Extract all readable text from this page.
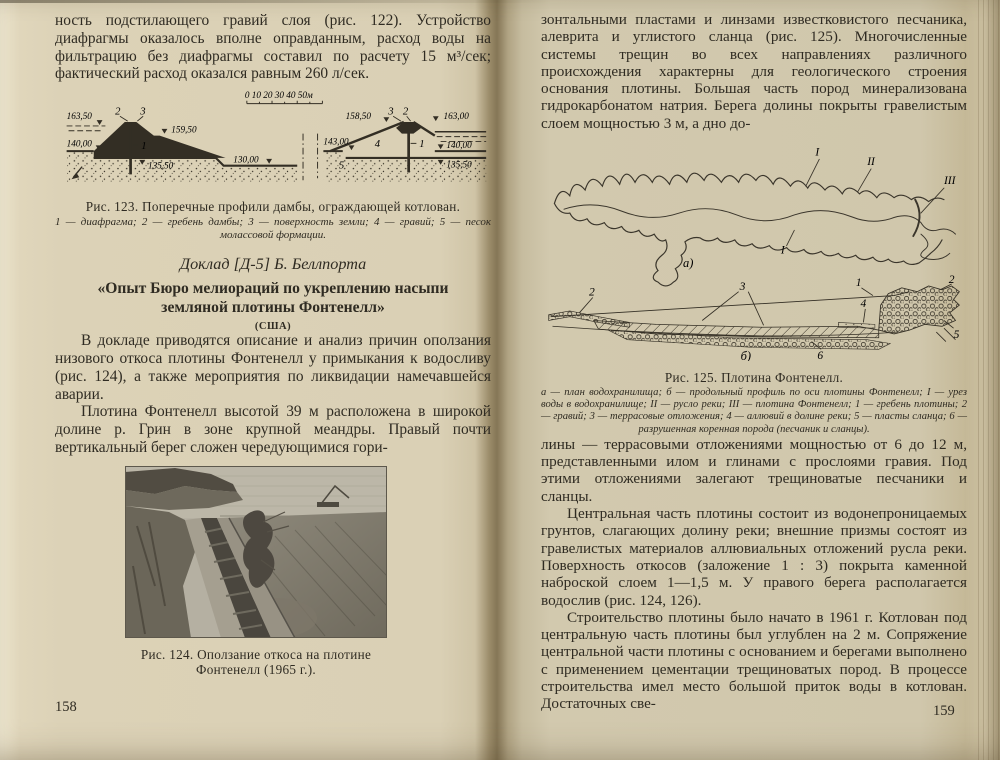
ность подстилающего гравий слоя (рис. 122). Устройство диафрагмы оказалось вполне оправданным, расход воды на фильтрацию без диафрагмы составил по расчету 15 м³/сек; фактический расход оказался равным 260 л/сек.

0 10 20 30 40 50м
1
2 3
163,50
159,50
140,00
135,50
130,00
1
4
3 2
158,50	163,00
143,00	140,00
135,50
5
Рис. 123. Поперечные профили дамбы, ограждающей котлован.
1 — диафрагма; 2 — гребень дамбы; 3 — поверхность земли; 4 — гравий; 5 — песок молассовой формации.
Доклад [Д-5] Б. Беллпорта
«Опыт Бюро мелиораций по укреплению насыпи
земляной плотины Фонтенелл»
(США)

В докладе приводятся описание и анализ причин оползания низового откоса плотины Фонтенелл у примыкания к водосливу (рис. 124), а также мероприятия по ликвидации намечавшейся аварии.

Плотина Фонтенелл высотой 39 м расположена в широкой долине р. Грин в зоне крупной меандры. Правый почти вертикальный берег сложен чередующимися гори-

Рис. 124. Оползание откоса на плотине
Фонтенелл (1965 г.).

зонтальными пластами и линзами известковистого песчаника, алеврита и углистого сланца (рис. 125). Многочисленные системы трещин во всех направлениях различного происхождения характерны для геологического строения основания плотины. Большая часть пород минерализована гидрокарбонатом натрия. Берега долины покрыты гравелистым слоем мощностью 3 м, а дно до-

I
II
III
I
а)
1
2	3
4
2
5
6
б)
Рис. 125. Плотина Фонтенелл.
а — план водохранилища; б — продольный профиль по оси плотины Фонтенелл; I — урез воды в водохранилище; II — русло реки; III — плотина Фонтенелл; 1 — гребень плотины; 2 — гравий; 3 — террасовые отложения; 4 — аллювий в долине реки; 5 — пласты сланца; 6 — разрушенная коренная порода (песчаник и сланцы).

лины — террасовыми отложениями мощностью от 6 до 12 м, представленными илом и глинами с прослоями гравия. Под этими отложениями залегают трещиноватые песчаники и сланцы.

Центральная часть плотины состоит из водонепроницаемых грунтов, слагающих долину реки; внешние призмы состоят из гравелистых материалов аллювиальных отложений русла реки. Поверхность откосов (заложение 1 : 3) покрыта каменной наброской слоем 1—1,5 м. У правого берега располагается водослив (рис. 124, 126).

Строительство плотины было начато в 1961 г. Котлован под центральную часть плотины был углублен на 2 м. Сопряжение центральной части плотины с основанием и берегами выполнено с применением цементации трещиноватых пород. В процессе строительства имел место большой приток воды в котлован. Достаточных све-

158	159
